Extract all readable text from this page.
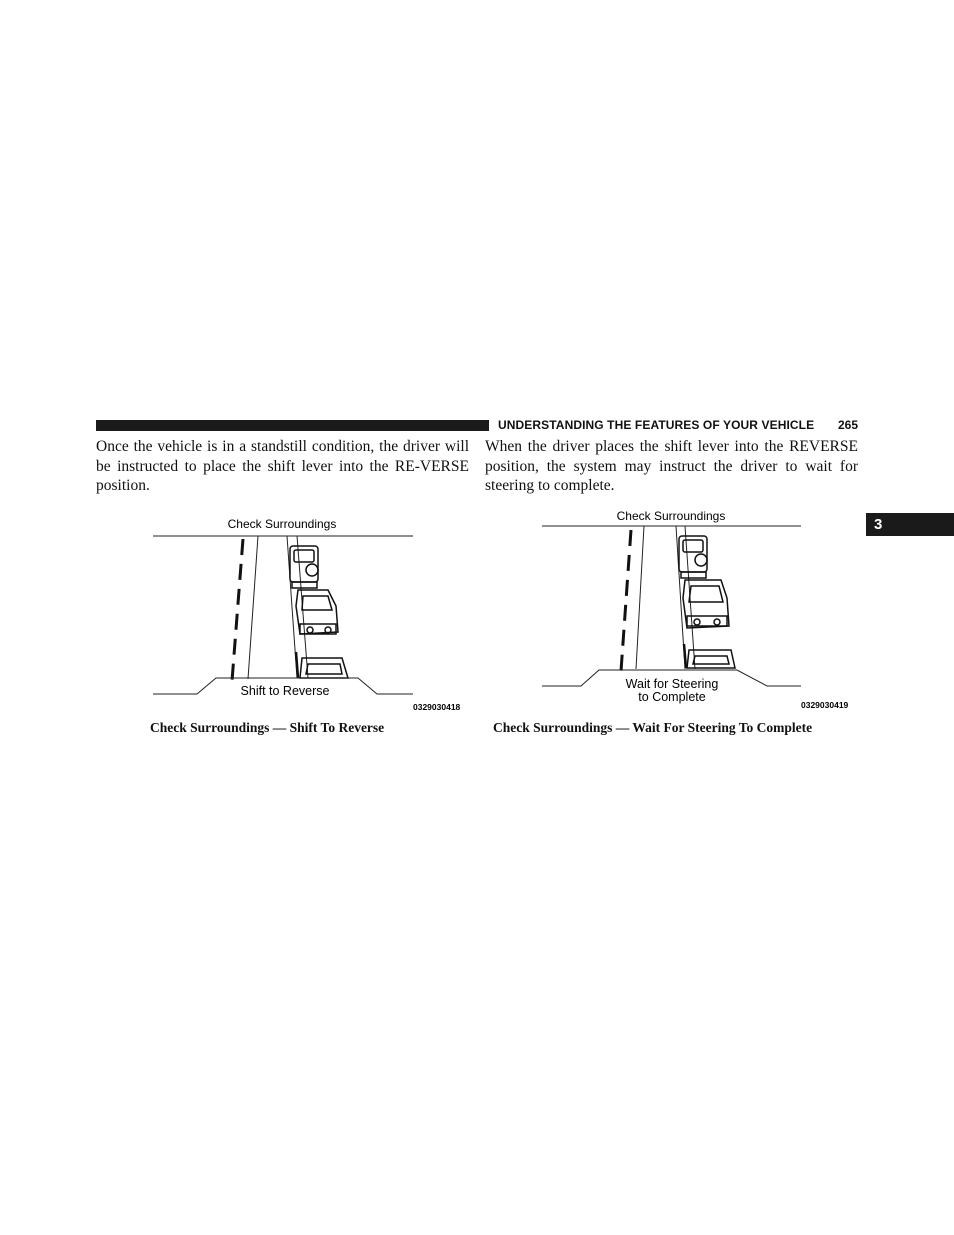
UNDERSTANDING THE FEATURES OF YOUR VEHICLE 265
3

Once the vehicle is in a standstill condition, the driver will be instructed to place the shift lever into the RE-VERSE position.

When the driver places the shift lever into the REVERSE position, the system may instruct the driver to wait for steering to complete.

Check Surroundings
Shift to Reverse
0329030418
Check Surroundings
Wait for Steering
to Complete
0329030419
Check Surroundings — Shift To Reverse	Check Surroundings — Wait For Steering To Complete
